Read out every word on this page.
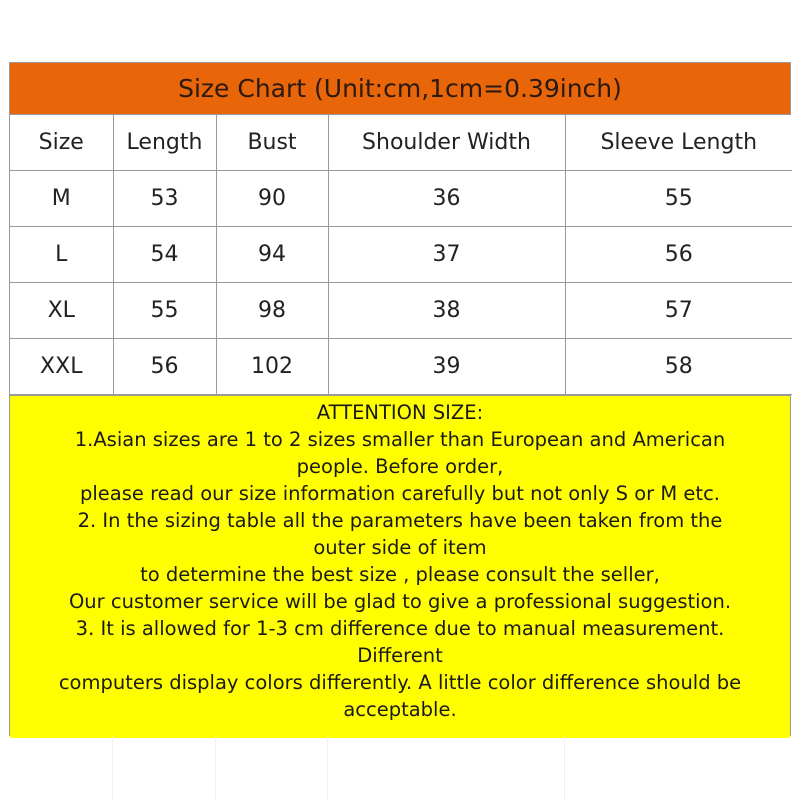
Size Chart (Unit:cm,1cm=0.39inch)
Size	Length	Bust	Shoulder Width	Sleeve Length
M	53	90	36	55
L	54	94	37	56
XL	55	98	38	57
XXL	56	102	39	58
ATTENTION SIZE:
1.Asian sizes are 1 to 2 sizes smaller than European and American
people. Before order,
please read our size information carefully but not only S or M etc.
2. In the sizing table all the parameters have been taken from the
outer side of item
to determine the best size , please consult the seller,
Our customer service will be glad to give a professional suggestion.
3. It is allowed for 1-3 cm difference due to manual measurement.
Different
computers display colors differently. A little color difference should be
acceptable.
